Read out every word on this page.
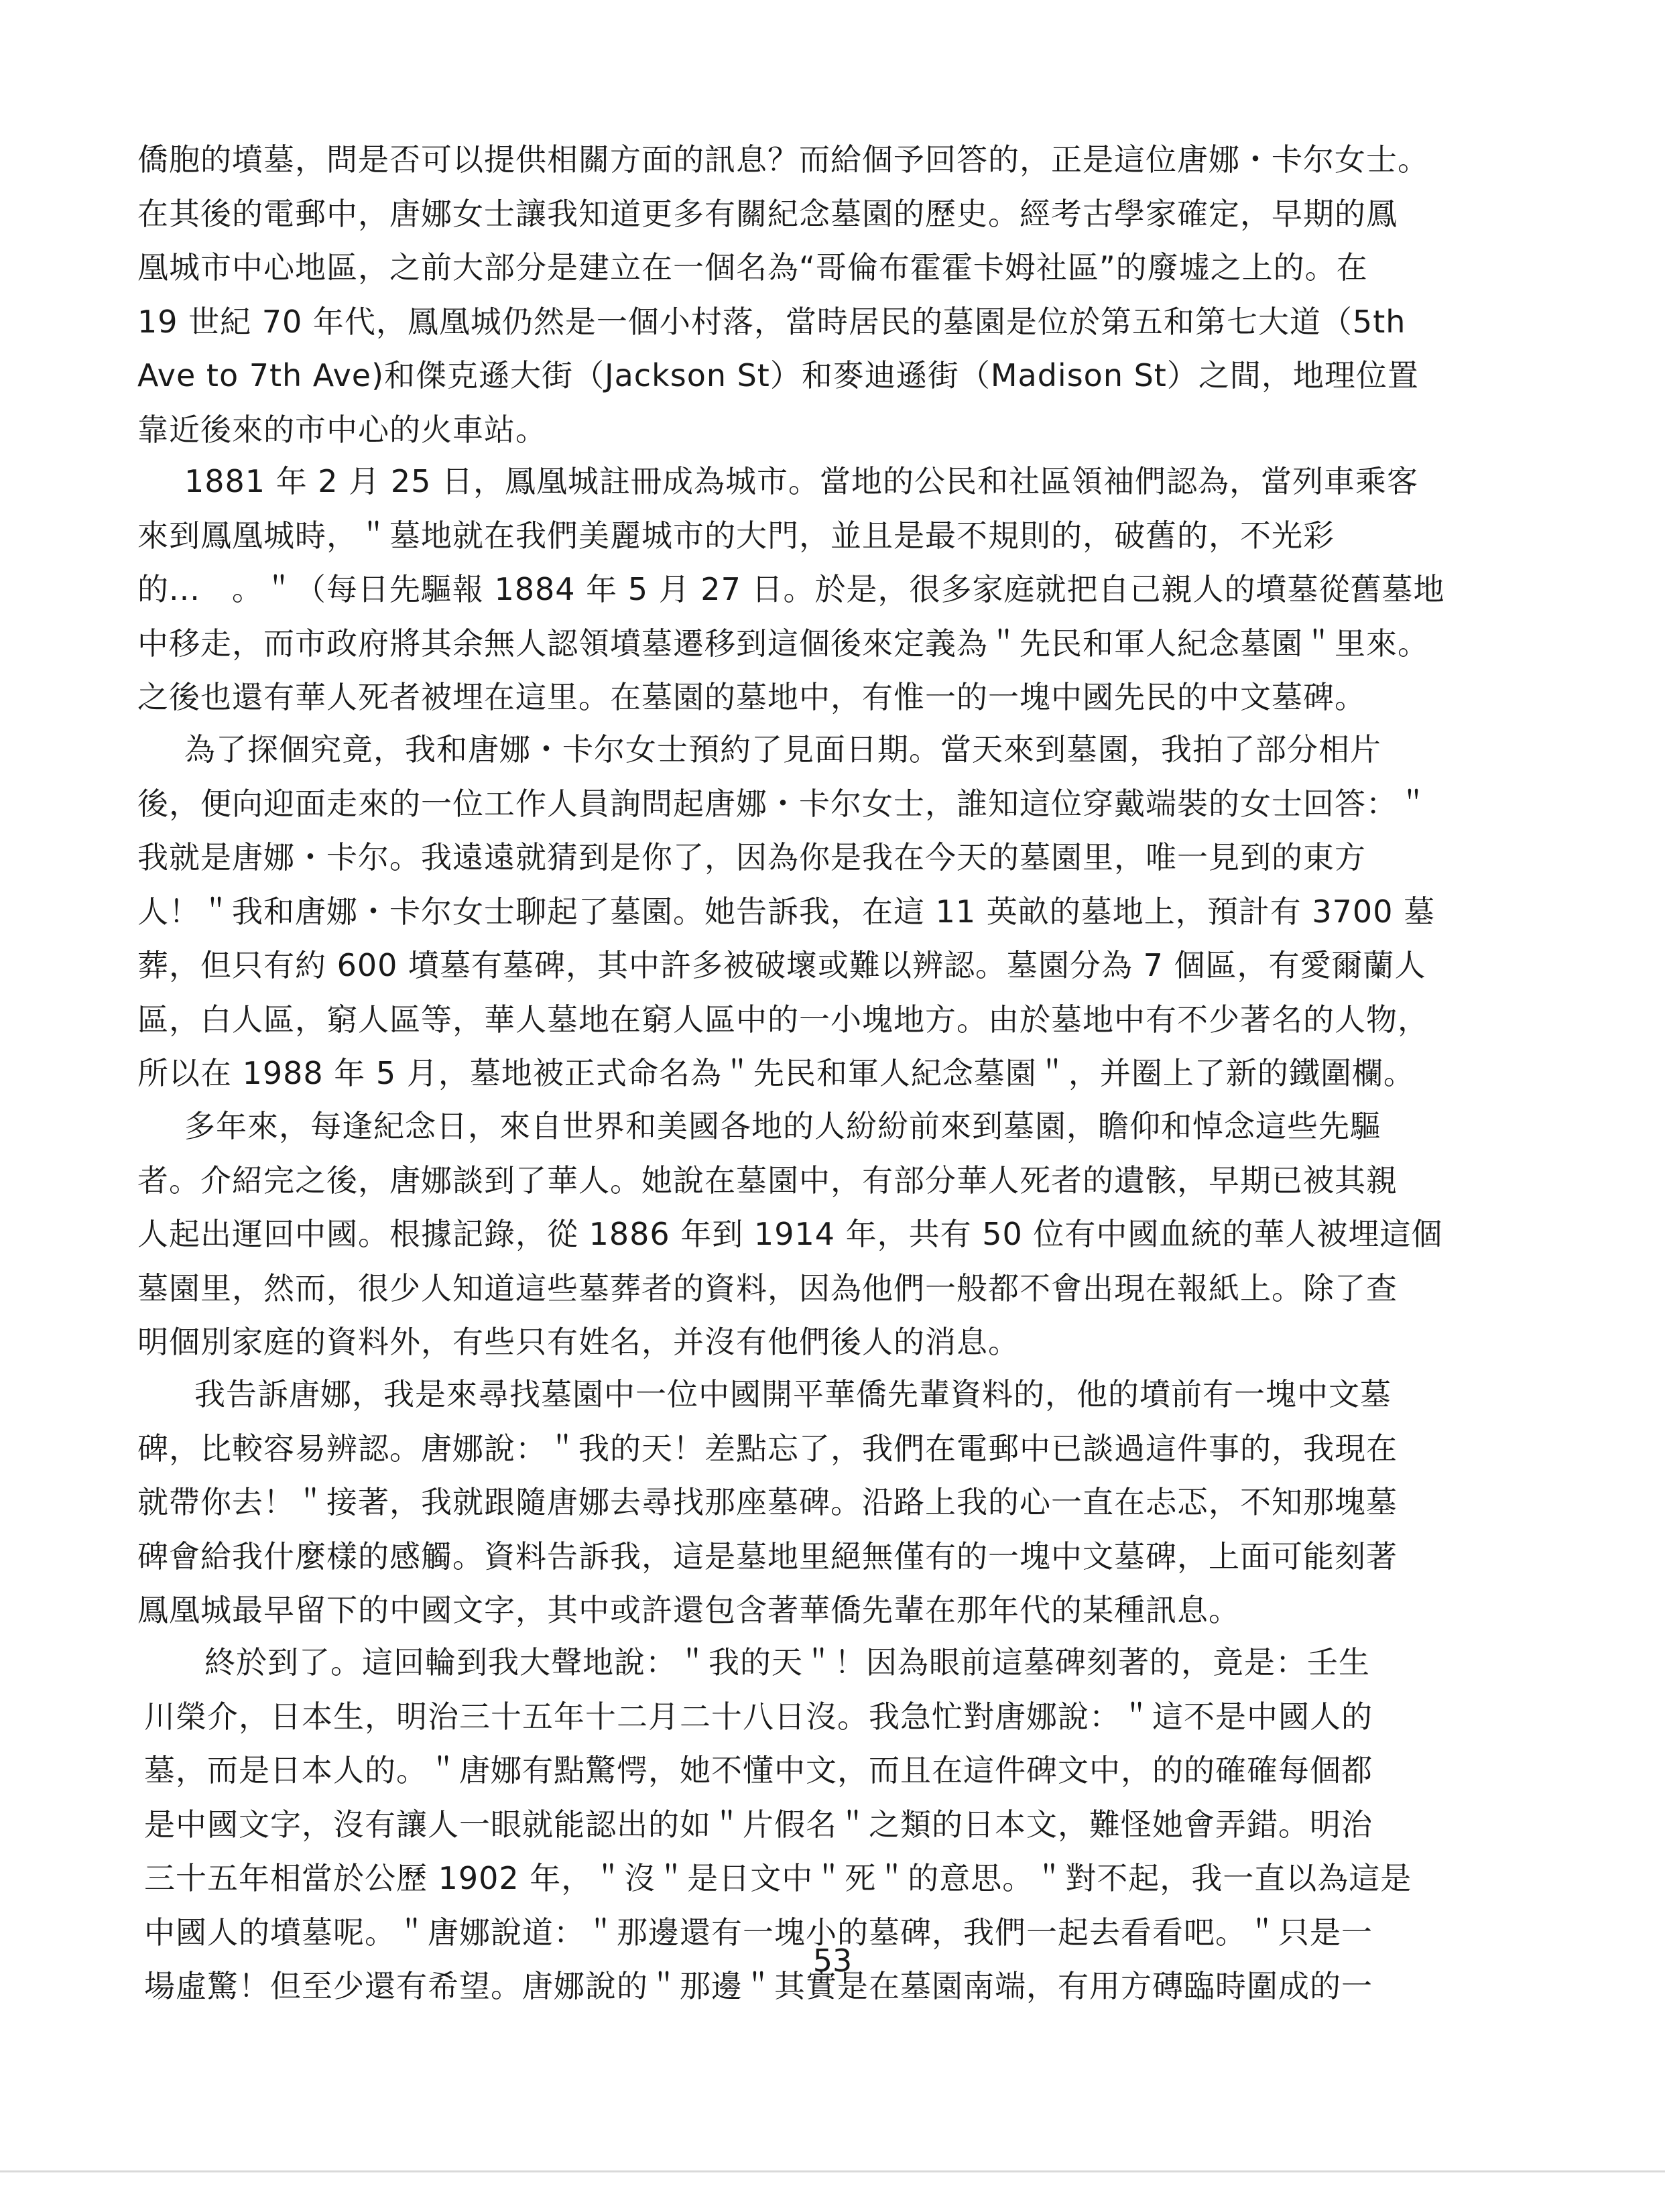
僑胞的墳墓，問是否可以提供相關方面的訊息？而給個予回答的，正是這位唐娜・卡尔女士。
在其後的電郵中，唐娜女士讓我知道更多有關紀念墓園的歷史。經考古學家確定，早期的鳳
凰城市中心地區，之前大部分是建立在一個名為“哥倫布霍霍卡姆社區”的廢墟之上的。在
19 世紀 70 年代，鳳凰城仍然是一個小村落，當時居民的墓園是位於第五和第七大道（5th
Ave to 7th Ave)和傑克遜大街（Jackson St）和麥迪遜街（Madison St）之間，地理位置
靠近後來的市中心的火車站。
1881 年 2 月 25 日，鳳凰城註冊成為城市。當地的公民和社區領袖們認為，當列車乘客
來到鳳凰城時，＂墓地就在我們美麗城市的大門，並且是最不規則的，破舊的，不光彩
的...　。＂（每日先驅報 1884 年 5 月 27 日。於是，很多家庭就把自己親人的墳墓從舊墓地
中移走，而市政府將其余無人認領墳墓遷移到這個後來定義為＂先民和軍人紀念墓園＂里來。
之後也還有華人死者被埋在這里。在墓園的墓地中，有惟一的一塊中國先民的中文墓碑。
為了探個究竟，我和唐娜・卡尔女士預約了見面日期。當天來到墓園，我拍了部分相片
後，便向迎面走來的一位工作人員詢問起唐娜・卡尔女士，誰知這位穿戴端裝的女士回答：＂
我就是唐娜・卡尔。我遠遠就猜到是你了，因為你是我在今天的墓園里，唯一見到的東方
人！＂我和唐娜・卡尔女士聊起了墓園。她告訴我，在這 11 英畝的墓地上，預計有 3700 墓
葬，但只有約 600 墳墓有墓碑，其中許多被破壞或難以辨認。墓園分為 7 個區，有愛爾蘭人
區，白人區，窮人區等，華人墓地在窮人區中的一小塊地方。由於墓地中有不少著名的人物，
所以在 1988 年 5 月，墓地被正式命名為＂先民和軍人紀念墓園＂，并圈上了新的鐵圍欄。
多年來，每逢紀念日，來自世界和美國各地的人紛紛前來到墓園，瞻仰和悼念這些先驅
者。介紹完之後，唐娜談到了華人。她說在墓園中，有部分華人死者的遺骸，早期已被其親
人起出運回中國。根據記錄，從 1886 年到 1914 年，共有 50 位有中國血統的華人被埋這個
墓園里，然而，很少人知道這些墓葬者的資料，因為他們一般都不會出現在報紙上。除了查
明個別家庭的資料外，有些只有姓名，并沒有他們後人的消息。
我告訴唐娜，我是來尋找墓園中一位中國開平華僑先輩資料的，他的墳前有一塊中文墓
碑，比較容易辨認。唐娜說：＂我的天！差點忘了，我們在電郵中已談過這件事的，我現在
就帶你去！＂接著，我就跟隨唐娜去尋找那座墓碑。沿路上我的心一直在忐忑，不知那塊墓
碑會給我什麼樣的感觸。資料告訴我，這是墓地里絕無僅有的一塊中文墓碑，上面可能刻著
鳳凰城最早留下的中國文字，其中或許還包含著華僑先輩在那年代的某種訊息。
終於到了。這回輪到我大聲地說：＂我的天＂！因為眼前這墓碑刻著的，竟是：壬生
川榮介，日本生，明治三十五年十二月二十八日沒。我急忙對唐娜說：＂這不是中國人的
墓，而是日本人的。＂唐娜有點驚愕，她不懂中文，而且在這件碑文中，的的確確每個都
是中國文字，沒有讓人一眼就能認出的如＂片假名＂之類的日本文，難怪她會弄錯。明治
三十五年相當於公歷 1902 年，＂沒＂是日文中＂死＂的意思。＂對不起，我一直以為這是
中國人的墳墓呢。＂唐娜說道：＂那邊還有一塊小的墓碑，我們一起去看看吧。＂只是一
場虛驚！但至少還有希望。唐娜說的＂那邊＂其實是在墓園南端，有用方磚臨時圍成的一
53
